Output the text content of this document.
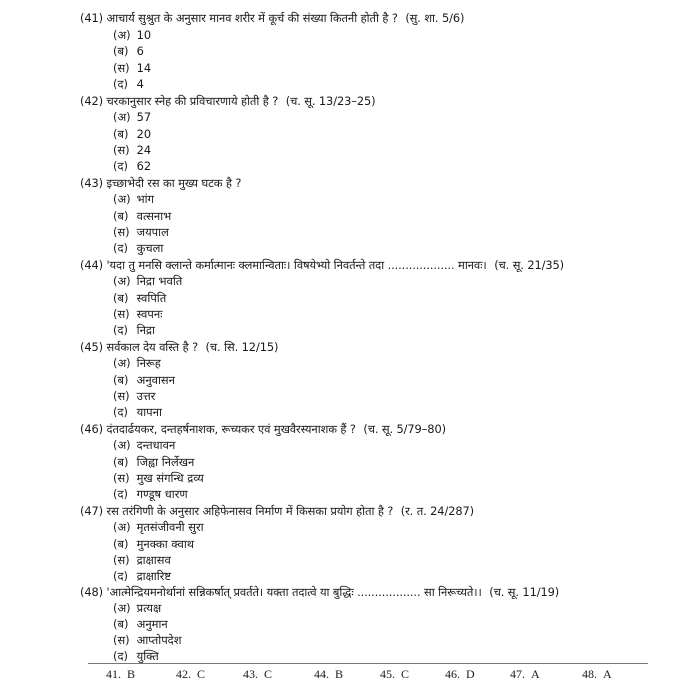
(41) आचार्य सुश्रुत के अनुसार मानव शरीर में कूर्च की संख्या कितनी होती है ? (सु. शा. 5/6)
(अ) 10
(ब) 6
(स) 14
(द) 4
(42) चरकानुसार स्नेह की प्रविचारणाये होती है ? (च. सू. 13/23–25)
(अ) 57
(ब) 20
(स) 24
(द) 62
(43) इच्छाभेदी रस का मुख्य घटक है ?
(अ) भांग
(ब) वत्सनाभ
(स) जयपाल
(द) कुचला
(44) 'यदा तु मनसि क्लान्ते कर्मात्मानः क्लमान्विताः। विषयेभ्यो निवर्तन्ते तदा ................... मानवः। (च. सू. 21/35)
(अ) निद्रा भवति
(ब) स्वपिति
(स) स्वपनः
(द) निद्रा
(45) सर्वकाल देय वस्ति है ? (च. सि. 12/15)
(अ) निरूह
(ब) अनुवासन
(स) उत्तर
(द) यापना
(46) दंतदार्ढयकर, दन्तहर्षनाशक, रूच्यकर एवं मुखवैरस्यनाशक हैं ? (च. सू. 5/79–80)
(अ) दन्तधावन
(ब) जिह्वा निर्लेखन
(स) मुख संगन्धि द्रव्य
(द) गण्डूष धारण
(47) रस तरंगिणी के अनुसार अहिफेनासव निर्माण में किसका प्रयोग होता है ? (र. त. 24/287)
(अ) मृतसंजीवनी सुरा
(ब) मुनक्का क्वाथ
(स) द्राक्षासव
(द) द्राक्षारिष्ट
(48) 'आत्मेन्द्रियमनोर्थानां सन्निकर्षात् प्रवर्तते। यक्ता तदात्वे या बुद्धिः .................. सा निरूच्यते।। (च. सू. 11/19)
(अ) प्रत्यक्ष
(ब) अनुमान
(स) आप्तोपदेश
(द) युक्ति
41. B	42. C	43. C	44. B	45. C	46. D	47. A	48. A
